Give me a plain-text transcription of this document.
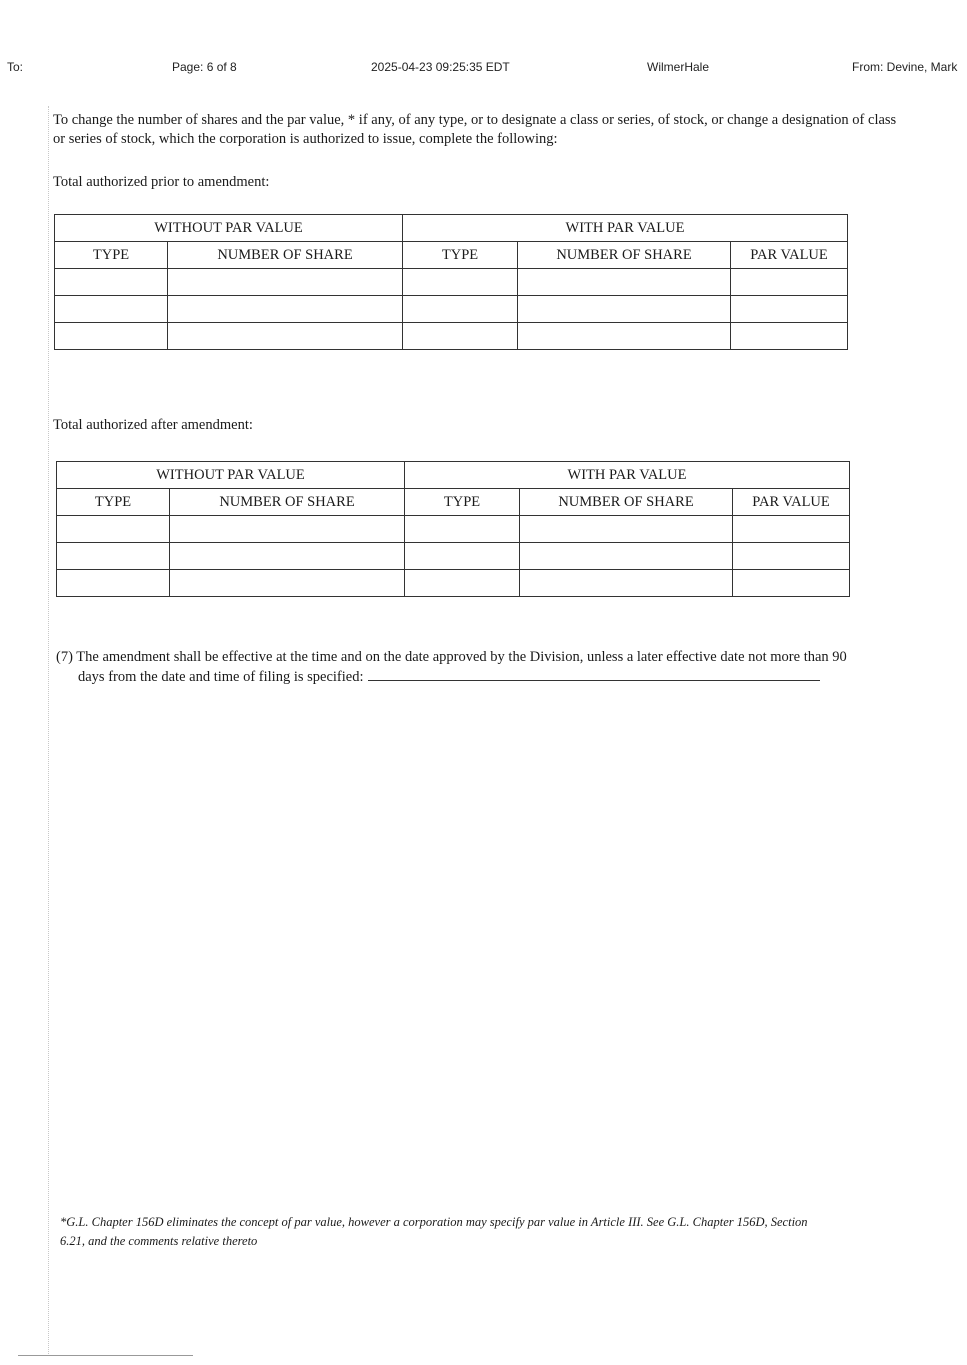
To:	Page: 6 of 8	2025-04-23 09:25:35 EDT	WilmerHale	From: Devine, Mark
To change the number of shares and the par value, * if any, of any type, or to designate a class or series, of stock, or change a designation of class or series of stock, which the corporation is authorized to issue, complete the following:
Total authorized prior to amendment:
WITHOUT PAR VALUE		WITH PAR VALUE		
TYPE	NUMBER OF SHARE	TYPE	NUMBER OF SHARE	PAR VALUE

Total authorized after amendment:
WITHOUT PAR VALUE		WITH PAR VALUE		
TYPE	NUMBER OF SHARE	TYPE	NUMBER OF SHARE	PAR VALUE

(7) The amendment shall be effective at the time and on the date approved by the Division, unless a later effective date not more than 90
days from the date and time of filing is specified:
*G.L. Chapter 156D eliminates the concept of par value, however a corporation may specify par value in Article III. See G.L. Chapter 156D, Section 6.21, and the comments relative thereto
